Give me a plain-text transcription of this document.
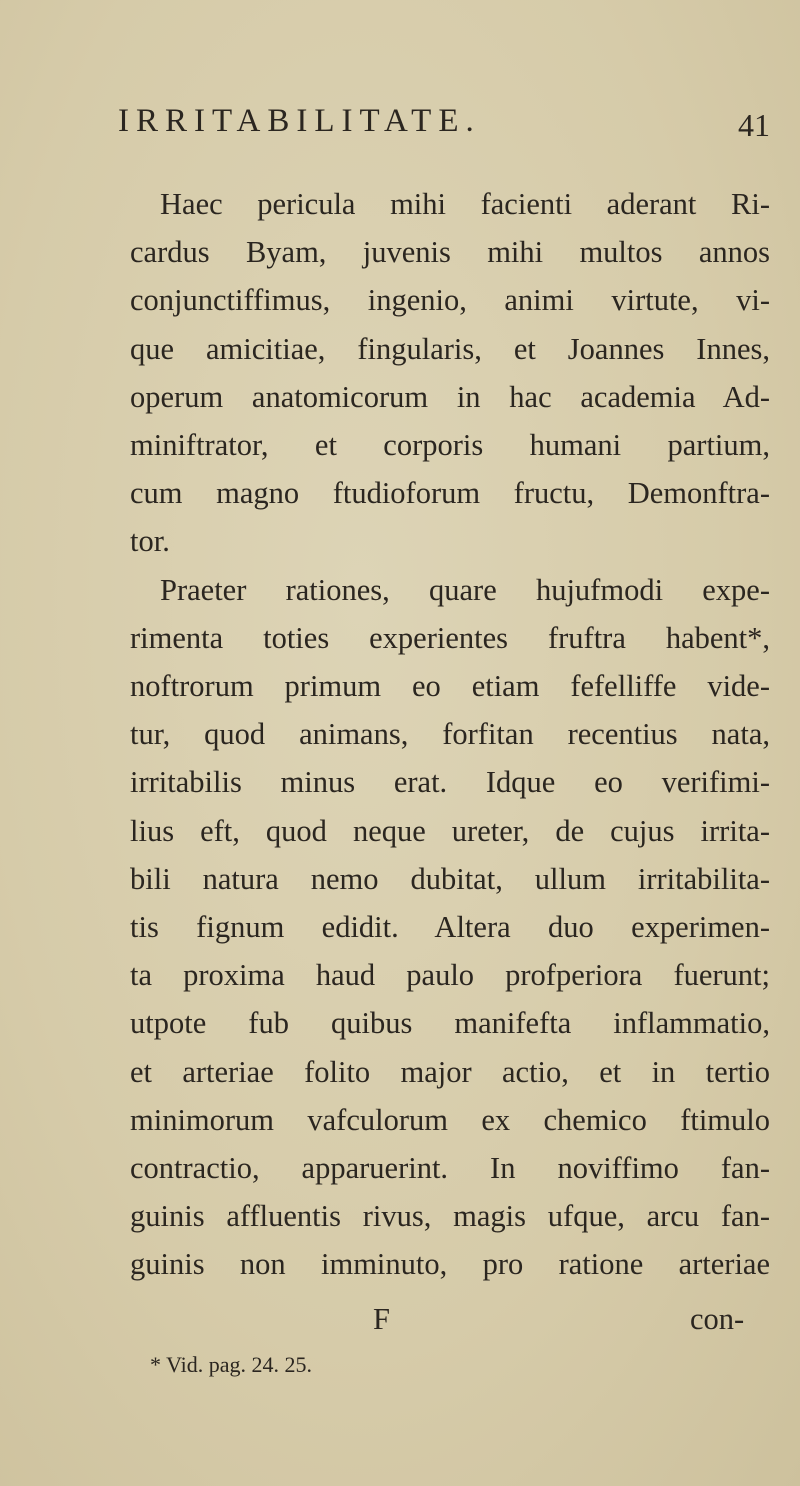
IRRITABILITATE.	41
Haec pericula mihi facienti aderant Ri-
cardus Byam, juvenis mihi multos annos
conjunctiffimus, ingenio, animi virtute, vi-
que amicitiae, fingularis, et Joannes Innes,
operum anatomicorum in hac academia Ad-
miniftrator, et corporis humani partium,
cum magno ftudioforum fructu, Demonftra-
tor.
Praeter rationes, quare hujufmodi expe-
rimenta toties experientes fruftra habent*,
noftrorum primum eo etiam fefelliffe vide-
tur, quod animans, forfitan recentius nata,
irritabilis minus erat. Idque eo verifimi-
lius eft, quod neque ureter, de cujus irrita-
bili natura nemo dubitat, ullum irritabilita-
tis fignum edidit. Altera duo experimen-
ta proxima haud paulo profperiora fuerunt;
utpote fub quibus manifefta inflammatio,
et arteriae folito major actio, et in tertio
minimorum vafculorum ex chemico ftimulo
contractio, apparuerint. In noviffimo fan-
guinis affluentis rivus, magis ufque, arcu fan-
guinis non imminuto, pro ratione arteriae
F	con-
* Vid. pag. 24. 25.
